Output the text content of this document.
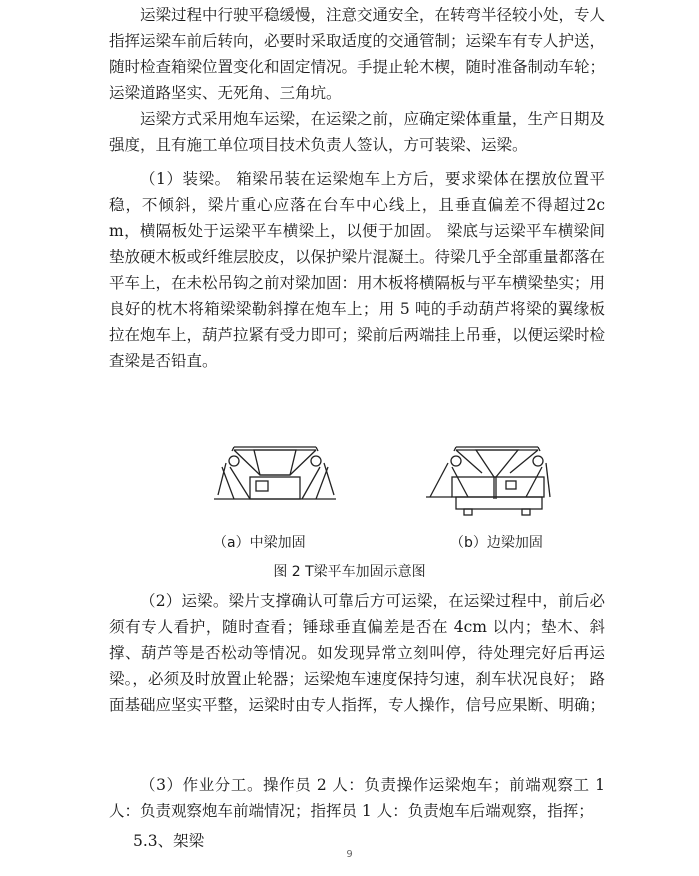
运梁过程中行驶平稳缓慢，注意交通安全，在转弯半径较小处，专人指挥运梁车前后转向，必要时采取适度的交通管制；运梁车有专人护送，随时检查箱梁位置变化和固定情况。手提止轮木楔，随时准备制动车轮；运梁道路坚实、无死角、三角坑。

运梁方式采用炮车运梁，在运梁之前，应确定梁体重量，生产日期及强度，且有施工单位项目技术负责人签认，方可装梁、运梁。

（1）装梁。 箱梁吊装在运梁炮车上方后，要求梁体在摆放位置平稳，不倾斜，梁片重心应落在台车中心线上，且垂直偏差不得超过2cm，横隔板处于运梁平车横梁上，以便于加固。 梁底与运梁平车横梁间垫放硬木板或纤维层胶皮，以保护梁片混凝土。待梁几乎全部重量都落在平车上，在未松吊钩之前对梁加固：用木板将横隔板与平车横梁垫实；用良好的枕木将箱梁梁勒斜撑在炮车上；用 5 吨的手动葫芦将梁的翼缘板拉在炮车上，葫芦拉紧有受力即可；梁前后两端挂上吊垂，以便运梁时检查梁是否铅直。

（a）中梁加固	（b）边梁加固
图 2 T梁平车加固示意图

（2）运梁。梁片支撑确认可靠后方可运梁，在运梁过程中，前后必须有专人看护，随时查看；锤球垂直偏差是否在 4cm 以内；垫木、斜撑、葫芦等是否松动等情况。如发现异常立刻叫停，待处理完好后再运梁。，必须及时放置止轮器；运梁炮车速度保持匀速，刹车状况良好； 路面基础应坚实平整，运梁时由专人指挥，专人操作，信号应果断、明确；

（3）作业分工。操作员 2 人：负责操作运梁炮车；前端观察工 1 人：负责观察炮车前端情况；指挥员 1 人：负责炮车后端观察，指挥；

5.3、架梁
9
